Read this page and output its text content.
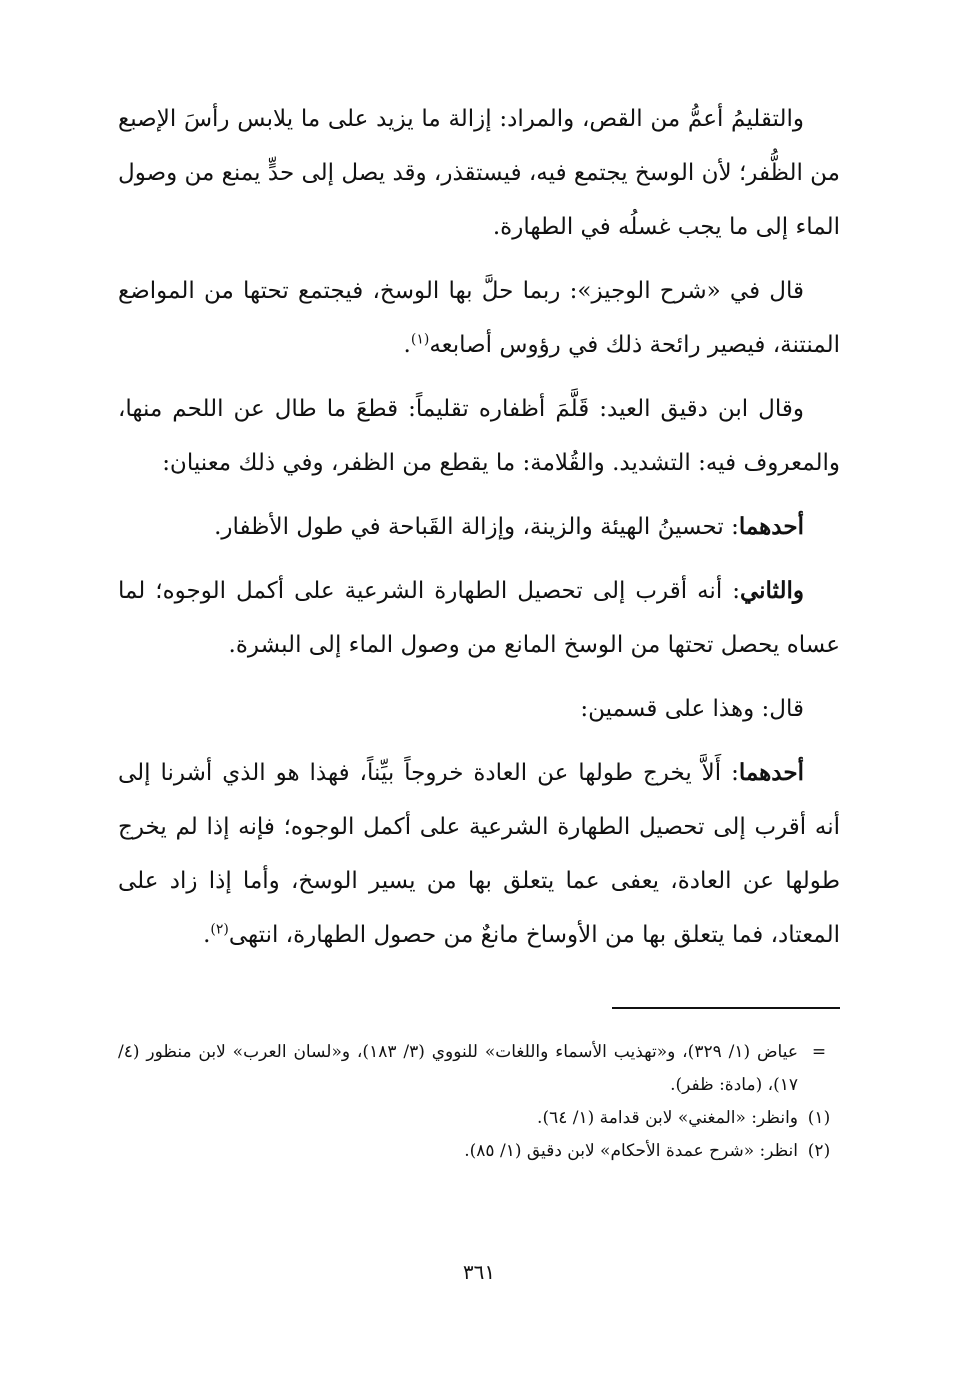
والتقليمُ أعمُّ من القص، والمراد: إزالة ما يزيد على ما يلابس رأسَ الإصبع من الظُّفر؛ لأن الوسخ يجتمع فيه، فيستقذر، وقد يصل إلى حدٍّ يمنع من وصول الماء إلى ما يجب غسلُه في الطهارة.

قال في «شرح الوجيز»: ربما حلَّ بها الوسخ، فيجتمع تحتها من المواضع المنتنة، فيصير رائحة ذلك في رؤوس أصابعه$^{(١)}$.

وقال ابن دقيق العيد: قَلَّمَ أظفاره تقليماً: قطعَ ما طال عن اللحم منها، والمعروف فيه: التشديد. والقُلامة: ما يقطع من الظفر، وفي ذلك معنيان:

أحدهما: تحسينُ الهيئة والزينة، وإزالة القَباحة في طول الأظفار.

والثاني: أنه أقرب إلى تحصيل الطهارة الشرعية على أكمل الوجوه؛ لما عساه يحصل تحتها من الوسخ المانع من وصول الماء إلى البشرة.

قال: وهذا على قسمين:

أحدهما: أَلاَّ يخرج طولها عن العادة خروجاً بيِّناً، فهذا هو الذي أشرنا إلى أنه أقرب إلى تحصيل الطهارة الشرعية على أكمل الوجوه؛ فإنه إذا لم يخرج طولها عن العادة، يعفى عما يتعلق بها من يسير الوسخ، وأما إذا زاد على المعتاد، فما يتعلق بها من الأوساخ مانعٌ من حصول الطهارة، انتهى$^{(٢)}$.

=
عياض (١/ ٣٢٩)، و«تهذيب الأسماء واللغات» للنووي (٣/ ١٨٣)، و«لسان العرب» لابن منظور (٤/ ١٧)، (مادة: ظفر).
(١)
وانظر: «المغني» لابن قدامة (١/ ٦٤).
(٢)
انظر: «شرح عمدة الأحكام» لابن دقيق (١/ ٨٥).
٣٦١
